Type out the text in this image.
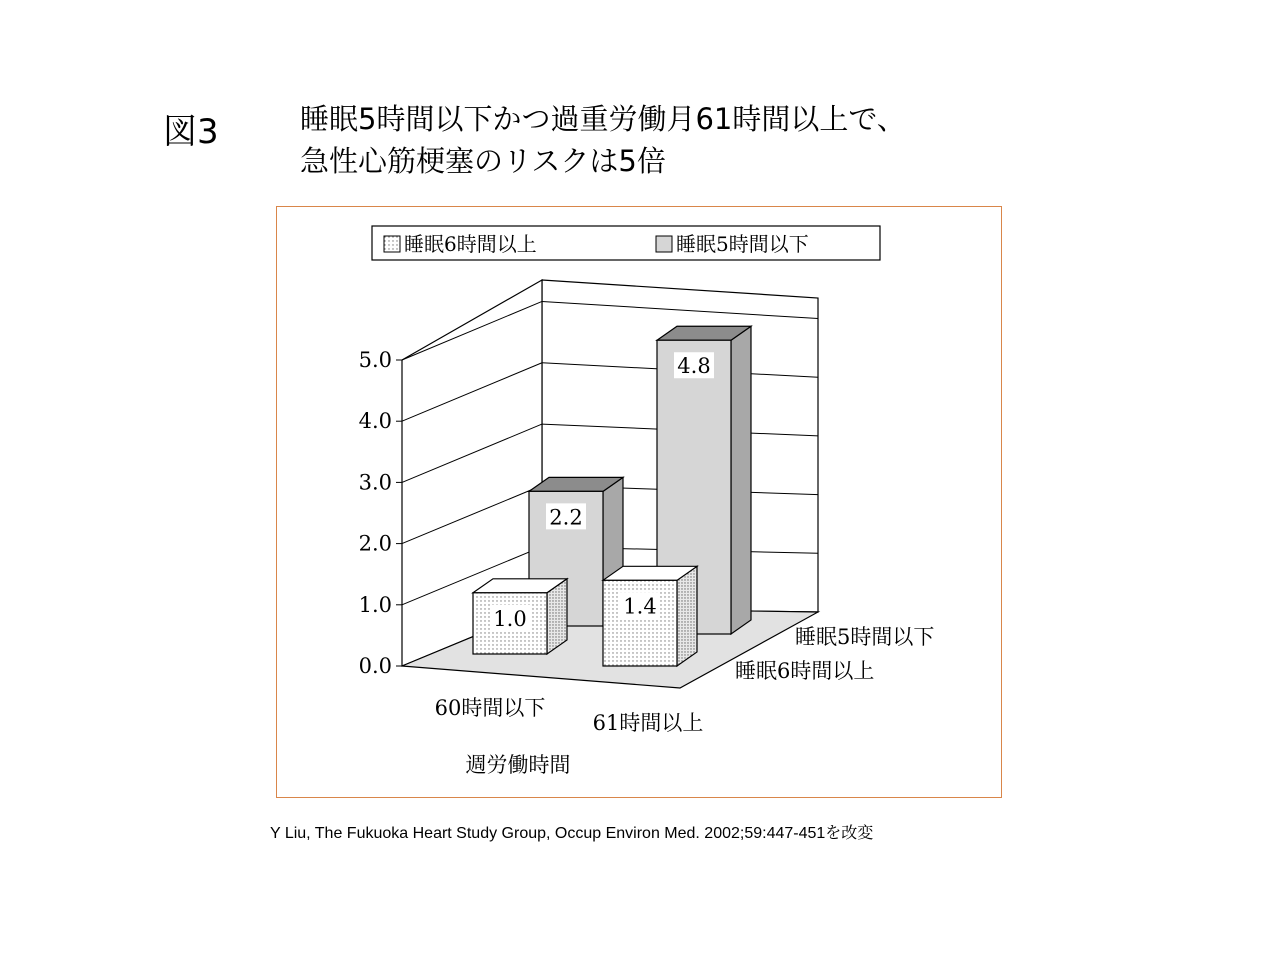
図3	睡眠5時間以下かつ過重労働月61時間以上で、
急性心筋梗塞のリスクは5倍
0.0
1.0
2.0
3.0
4.0
5.0
2.2
4.8
1.0
1.4
60時間以下
61時間以上
週労働時間
睡眠5時間以下
睡眠6時間以上
睡眠6時間以上	睡眠5時間以下
Y Liu, The Fukuoka Heart Study Group, Occup Environ Med. 2002;59:447-451を改変
